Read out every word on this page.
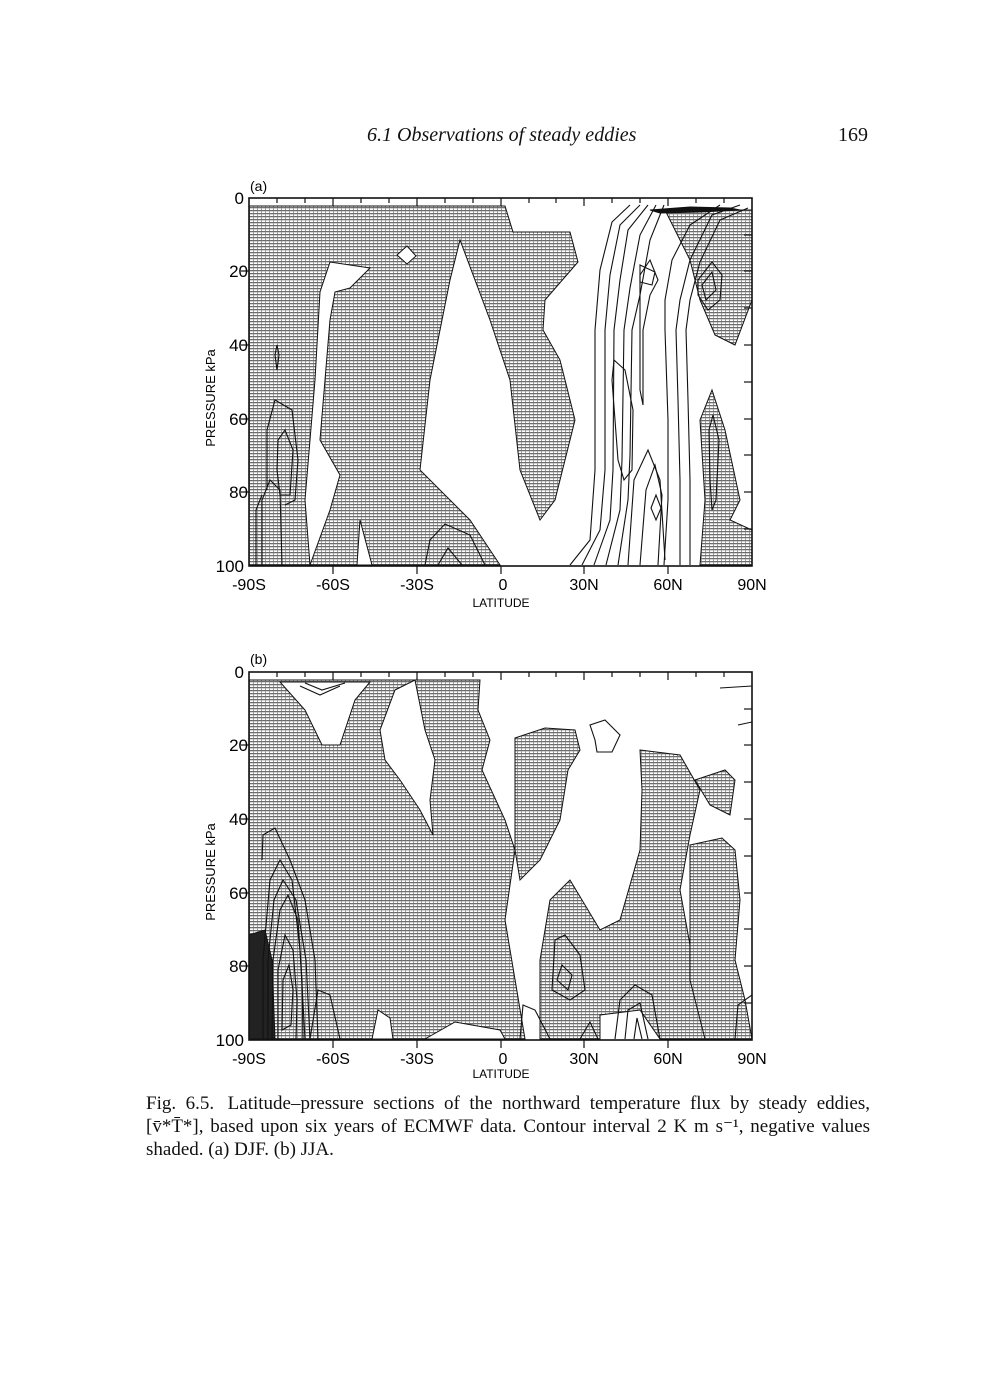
6.1 Observations of steady eddies	169
(a)
0
20
40
60
80
100
-90S	-60S	-30S	0	30N	60N	90N
LATITUDE
PRESSURE kPa
(b)
0
20
40
60
80
100
-90S	-60S	-30S	0	30N	60N	90N
LATITUDE
PRESSURE kPa
Fig. 6.5. Latitude–pressure sections of the northward temperature flux by steady eddies, [v̄*T̄*], based upon six years of ECMWF data. Contour interval 2 K m s⁻¹, negative values shaded. (a) DJF. (b) JJA.
